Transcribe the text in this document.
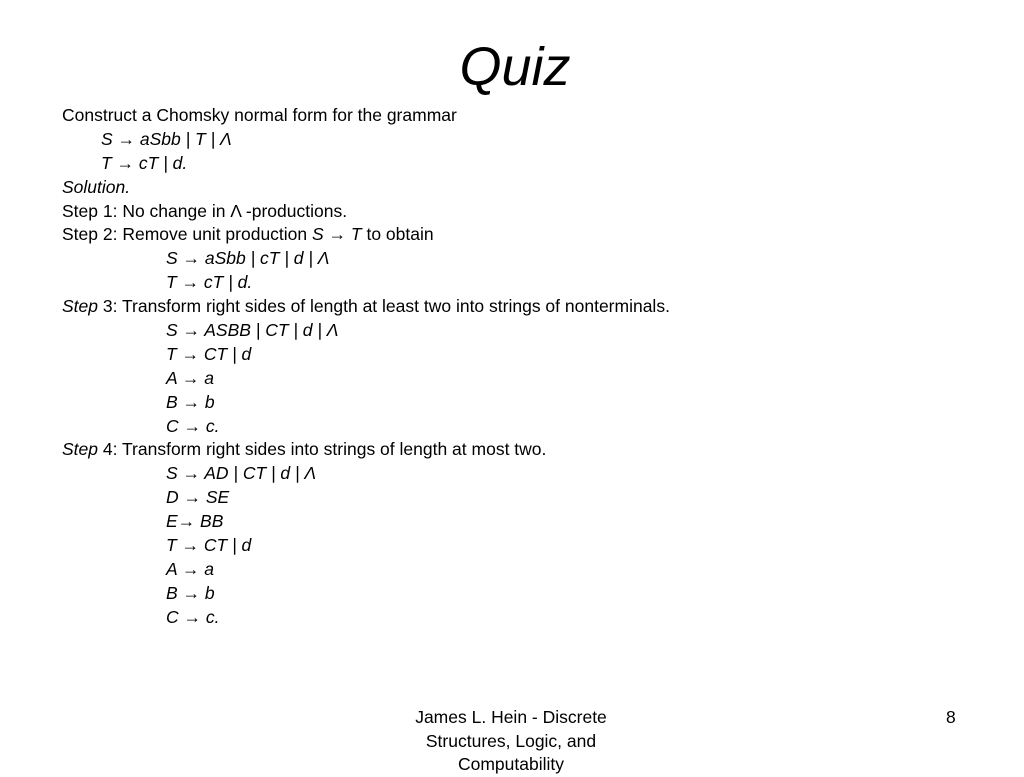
Quiz
Construct a Chomsky normal form for the grammar
S → aSbb | T | Λ
T → cT | d.
Solution.
Step 1: No change in Λ -productions.
Step 2: Remove unit production S → T to obtain
S → aSbb | cT | d | Λ
T → cT | d.
Step 3: Transform right sides of length at least two into strings of nonterminals.
S → ASBB | CT | d | Λ
T → CT | d
A → a
B → b
C → c.
Step 4: Transform right sides into strings of length at most two.
S → AD | CT | d | Λ
D → SE
E→ BB
T → CT | d
A → a
B → b
C → c.
James L. Hein - Discrete Structures, Logic, and Computability
8
